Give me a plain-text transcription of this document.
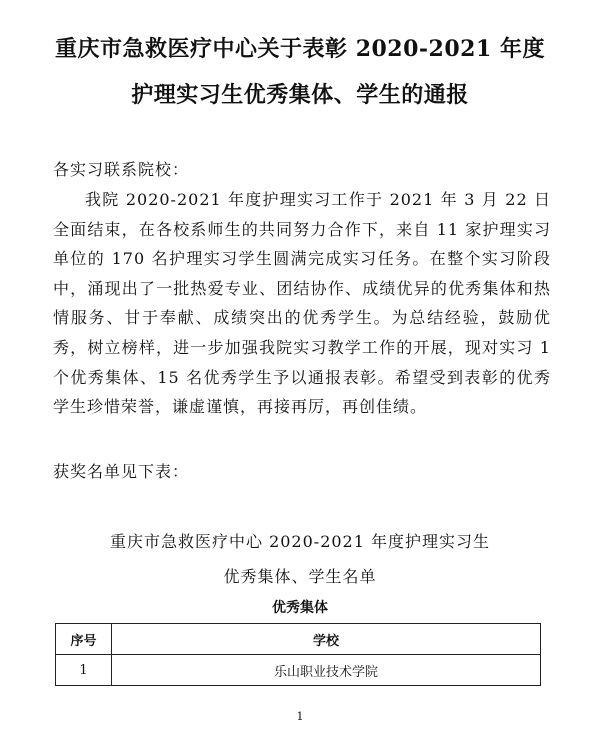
重庆市急救医疗中心关于表彰 2020-2021 年度
护理实习生优秀集体、学生的通报
各实习联系院校：

我院 2020-2021 年度护理实习工作于 2021 年 3 月 22 日全面结束，在各校系师生的共同努力合作下，来自 11 家护理实习单位的 170 名护理实习学生圆满完成实习任务。在整个实习阶段中，涌现出了一批热爱专业、团结协作、成绩优异的优秀集体和热情服务、甘于奉献、成绩突出的优秀学生。为总结经验，鼓励优秀，树立榜样，进一步加强我院实习教学工作的开展，现对实习 1 个优秀集体、15 名优秀学生予以通报表彰。希望受到表彰的优秀学生珍惜荣誉，谦虚谨慎，再接再厉，再创佳绩。

获奖名单见下表：
重庆市急救医疗中心 2020-2021 年度护理实习生
优秀集体、学生名单
优秀集体
序号	学校
1	乐山职业技术学院
1
